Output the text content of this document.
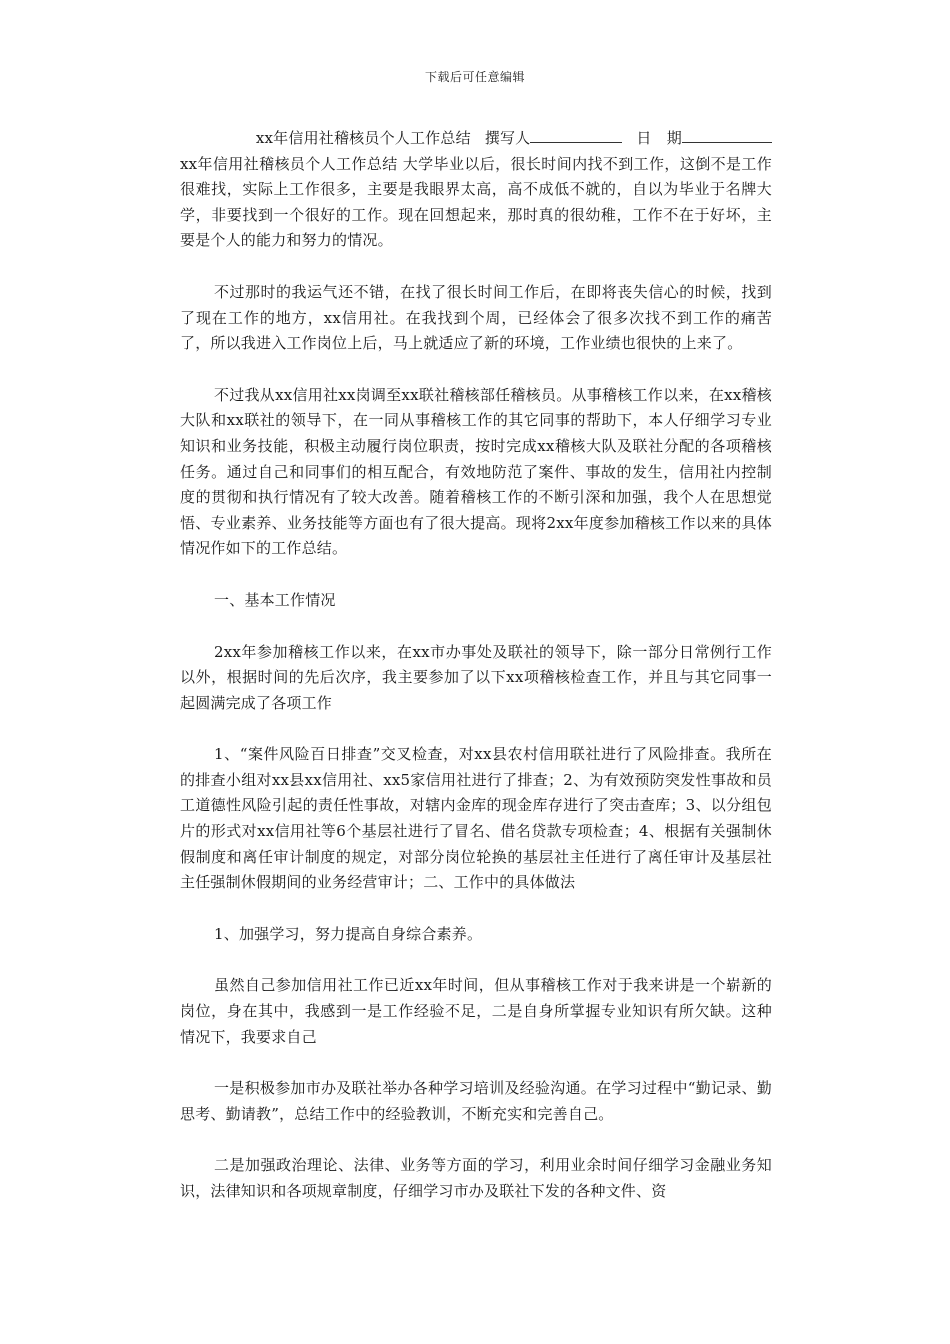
下载后可任意编辑
xx年信用社稽核员个人工作总结 撰写人	日　期

xx年信用社稽核员个人工作总结 大学毕业以后，很长时间内找不到工作，这倒不是工作很难找，实际上工作很多，主要是我眼界太高，高不成低不就的，自以为毕业于名牌大学，非要找到一个很好的工作。现在回想起来，那时真的很幼稚，工作不在于好坏，主要是个人的能力和努力的情况。

不过那时的我运气还不错，在找了很长时间工作后，在即将丧失信心的时候，找到了现在工作的地方，xx信用社。在我找到个周，已经体会了很多次找不到工作的痛苦了，所以我进入工作岗位上后，马上就适应了新的环境，工作业绩也很快的上来了。

不过我从xx信用社xx岗调至xx联社稽核部任稽核员。从事稽核工作以来，在xx稽核大队和xx联社的领导下，在一同从事稽核工作的其它同事的帮助下，本人仔细学习专业知识和业务技能，积极主动履行岗位职责，按时完成xx稽核大队及联社分配的各项稽核任务。通过自己和同事们的相互配合，有效地防范了案件、事故的发生，信用社内控制度的贯彻和执行情况有了较大改善。随着稽核工作的不断引深和加强，我个人在思想觉悟、专业素养、业务技能等方面也有了很大提高。现将2xx年度参加稽核工作以来的具体情况作如下的工作总结。

一、基本工作情况

2xx年参加稽核工作以来，在xx市办事处及联社的领导下，除一部分日常例行工作以外，根据时间的先后次序，我主要参加了以下xx项稽核检查工作，并且与其它同事一起圆满完成了各项工作

1、“案件风险百日排查”交叉检查，对xx县农村信用联社进行了风险排查。我所在的排查小组对xx县xx信用社、xx5家信用社进行了排查；2、为有效预防突发性事故和员工道德性风险引起的责任性事故，对辖内金库的现金库存进行了突击查库；3、以分组包片的形式对xx信用社等6个基层社进行了冒名、借名贷款专项检查；4、根据有关强制休假制度和离任审计制度的规定，对部分岗位轮换的基层社主任进行了离任审计及基层社主任强制休假期间的业务经营审计；二、工作中的具体做法

1、加强学习，努力提高自身综合素养。

虽然自己参加信用社工作已近xx年时间，但从事稽核工作对于我来讲是一个崭新的岗位，身在其中，我感到一是工作经验不足，二是自身所掌握专业知识有所欠缺。这种情况下，我要求自己

一是积极参加市办及联社举办各种学习培训及经验沟通。在学习过程中“勤记录、勤思考、勤请教”，总结工作中的经验教训，不断充实和完善自己。

二是加强政治理论、法律、业务等方面的学习，利用业余时间仔细学习金融业务知识，法律知识和各项规章制度，仔细学习市办及联社下发的各种文件、资
